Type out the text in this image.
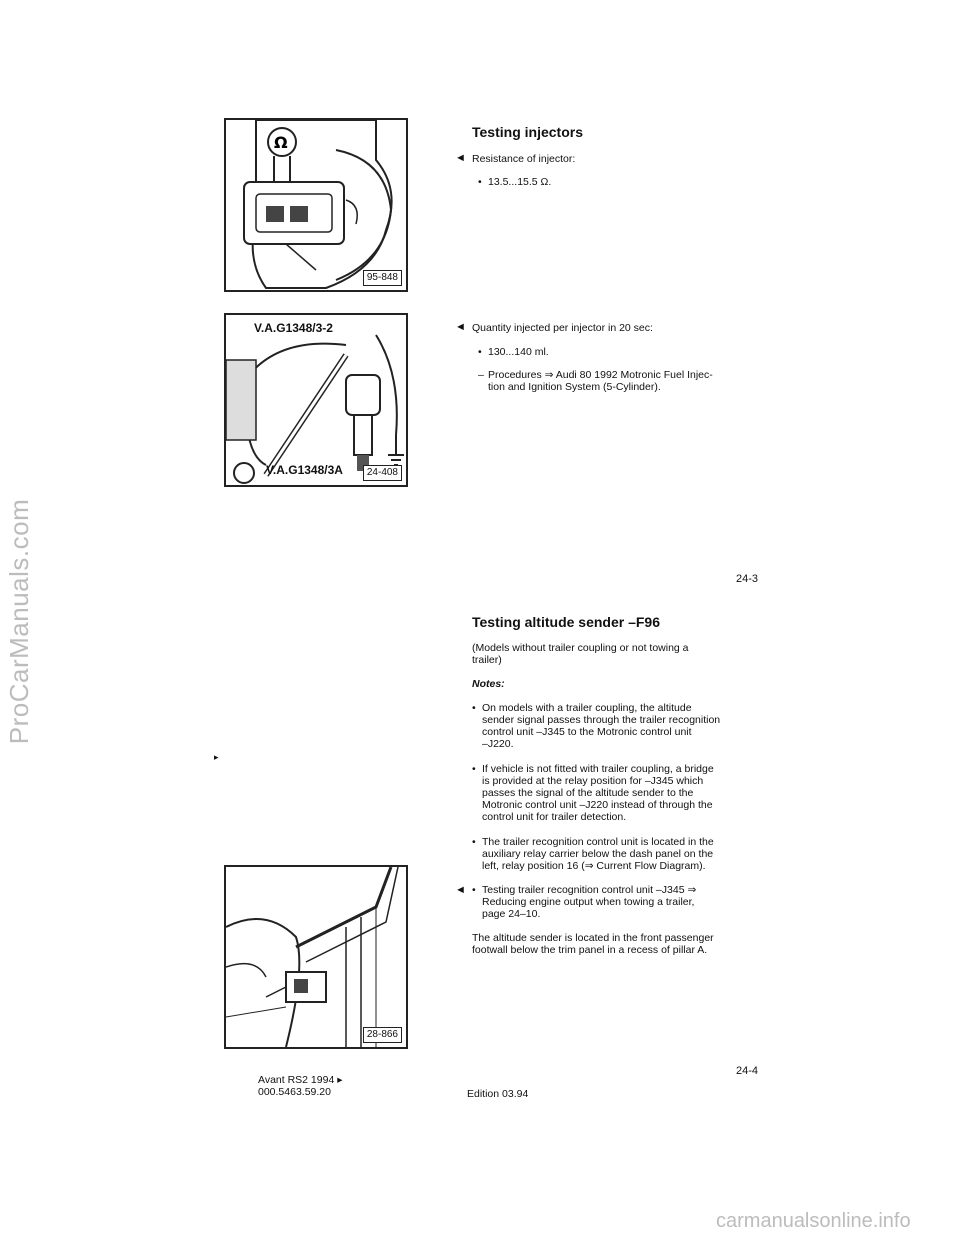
ProCarManuals.com
Ω
95-848
V.A.G1348/3-2
V.A.G1348/3A	24-408
Testing injectors
◄ Resistance of injector:
• 13.5...15.5 Ω.
◄ Quantity injected per injector in 20 sec:
• 130...140 ml.
– Procedures ⇒ Audi 80 1992 Motronic Fuel Injec-
tion and Ignition System (5-Cylinder).
24-3
Testing altitude sender –F96
(Models without trailer coupling or not towing a
trailer)
Notes:
• On models with a trailer coupling, the altitude
sender signal passes through the trailer recognition
control unit –J345 to the Motronic control unit
–J220.
• If vehicle is not fitted with trailer coupling, a bridge
is provided at the relay position for –J345 which
passes the signal of the altitude sender to the
Motronic control unit –J220 instead of through the
control unit for trailer detection.
• The trailer recognition control unit is located in the
auxiliary relay carrier below the dash panel on the
left, relay position 16 (⇒ Current Flow Diagram).
◄ • Testing trailer recognition control unit –J345 ⇒
Reducing engine output when towing a trailer,
page 24–10.
The altitude sender is located in the front passenger
footwall below the trim panel in a recess of pillar A.
▸
28-866
24-4
Avant RS2 1994 ▸
000.5463.59.20	Edition 03.94
carmanualsonline.info
